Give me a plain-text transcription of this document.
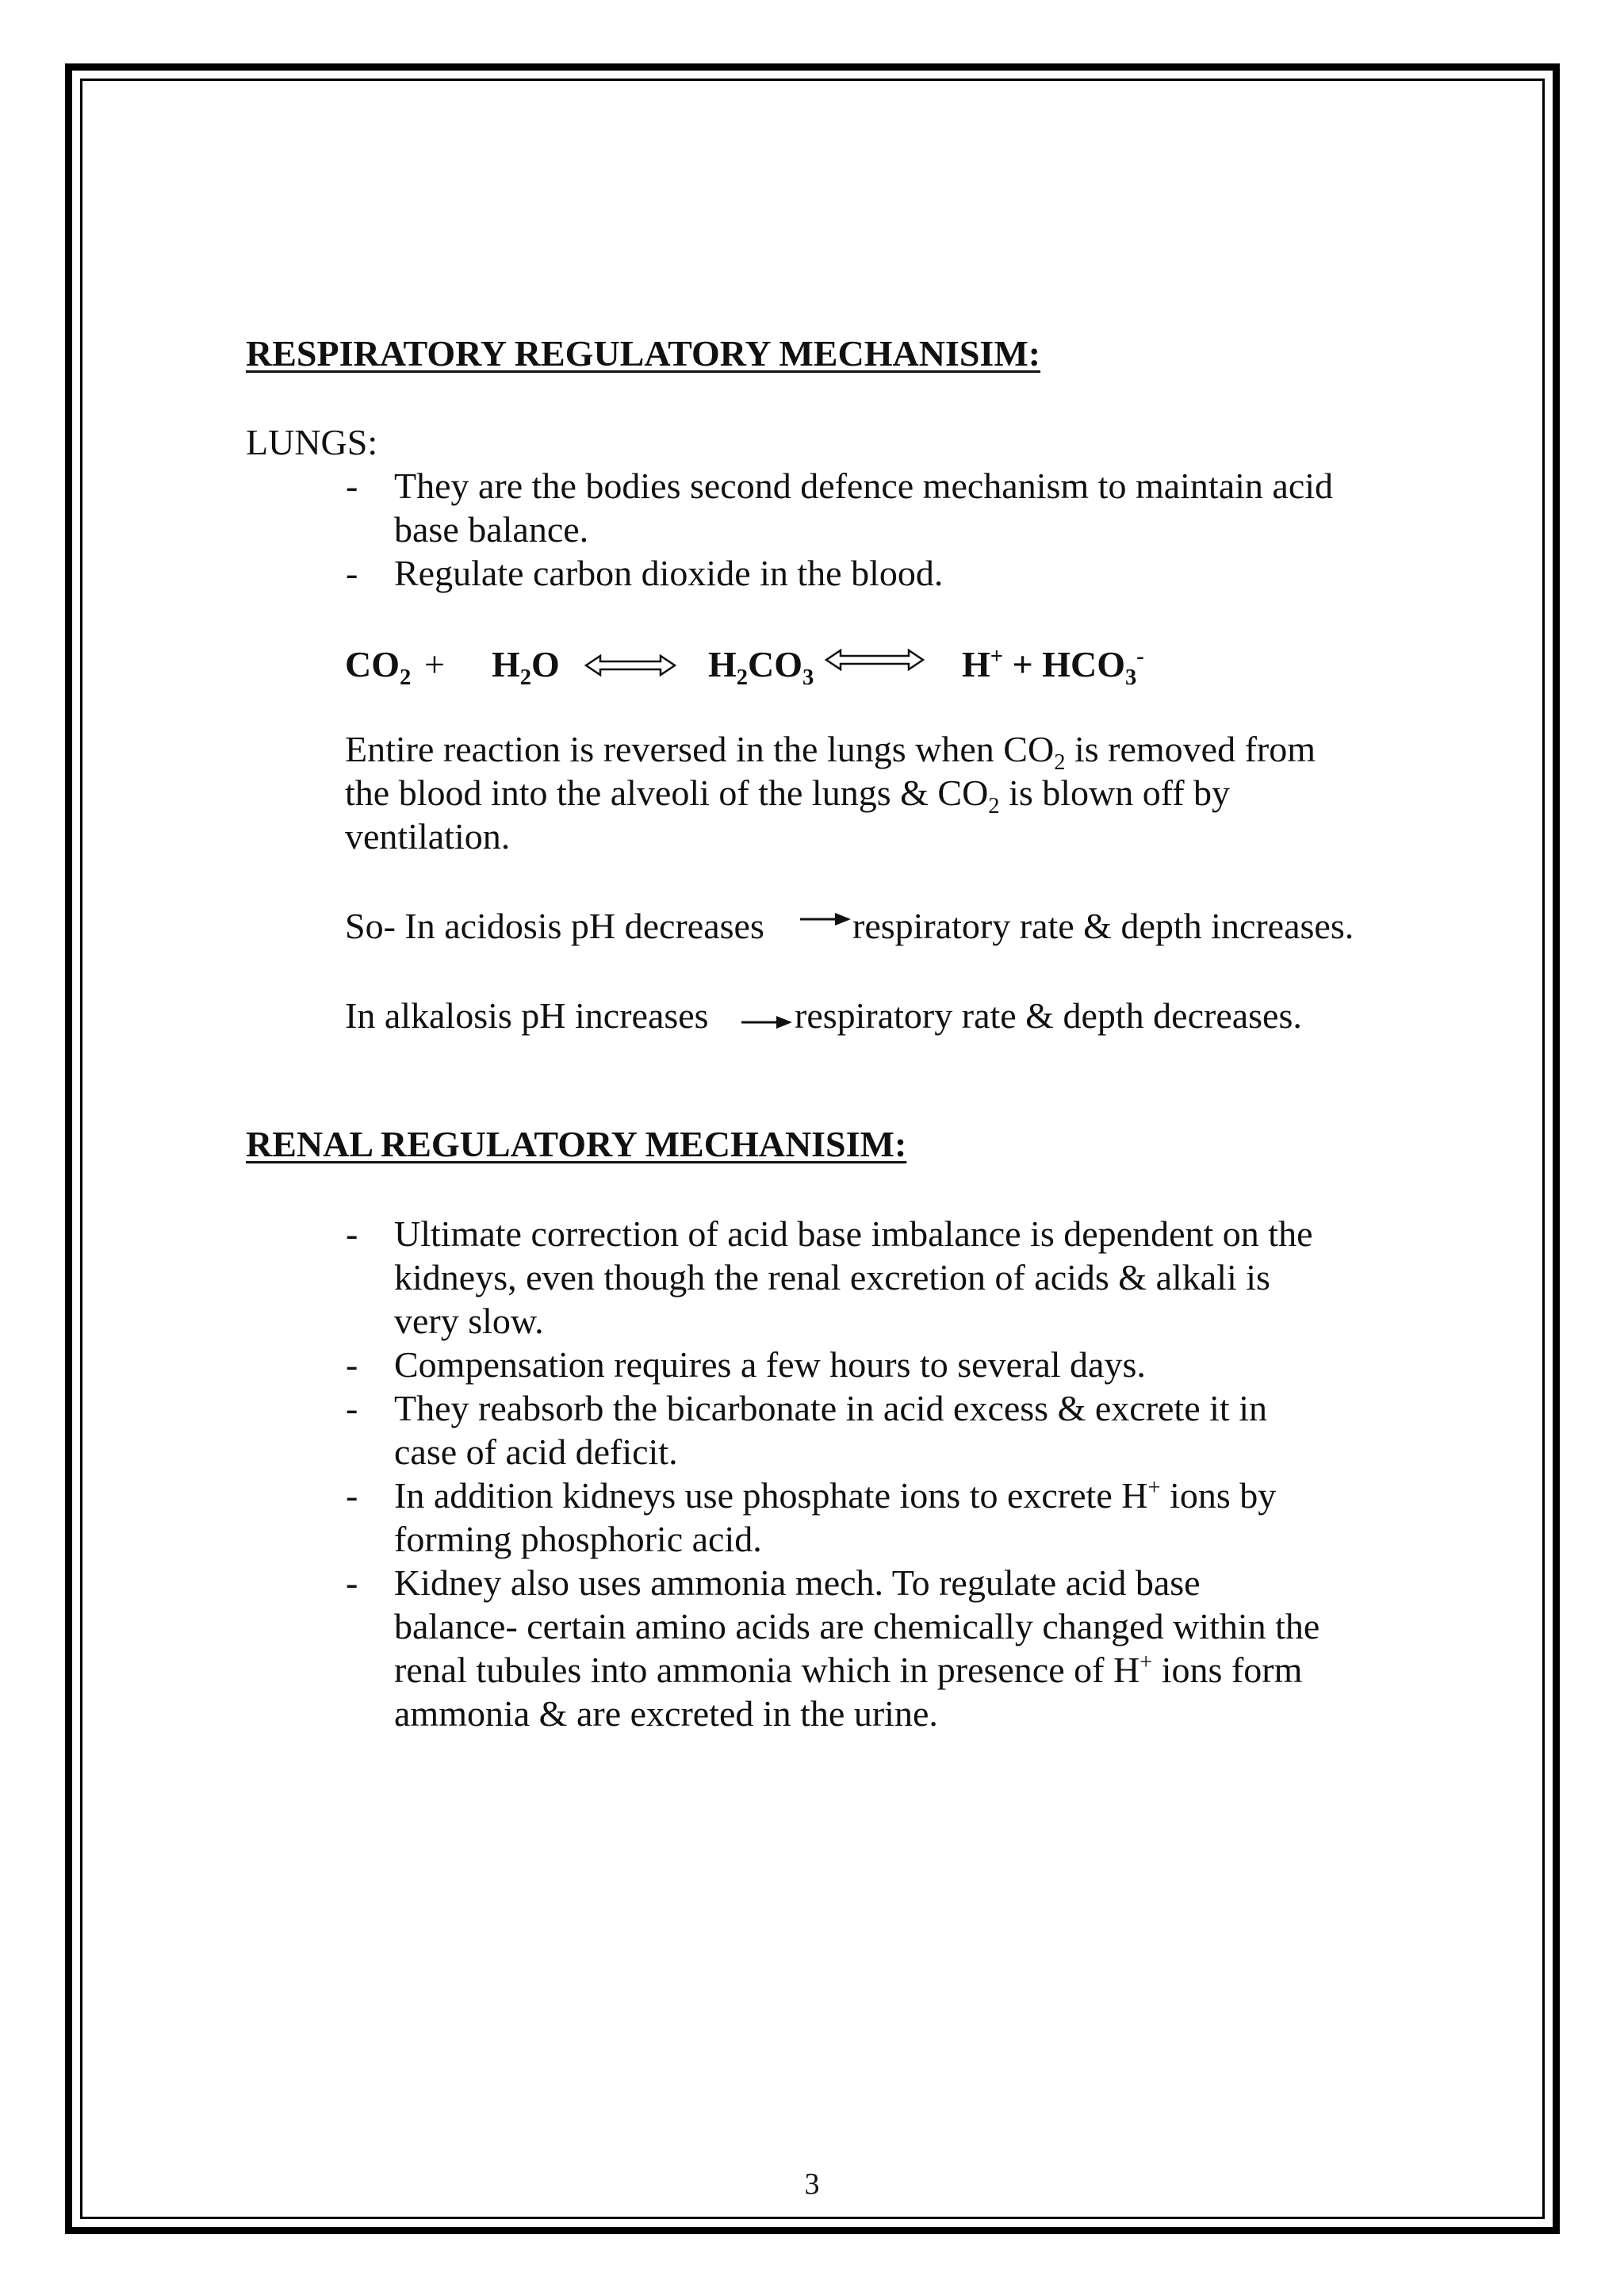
RESPIRATORY REGULATORY MECHANISIM:
LUNGS:
- They are the bodies second defence mechanism to maintain acid
base balance.
- Regulate carbon dioxide in the blood.
$CO_2 + H_2O$	$H_2CO_3$	$H^+ + HCO_3^-$
Entire reaction is reversed in the lungs when $CO_2$ is removed from
the blood into the alveoli of the lungs & $CO_2$ is blown off by
ventilation.
So- In acidosis pH decreases respiratory rate & depth increases.
In alkalosis pH increases respiratory rate & depth decreases.
RENAL REGULATORY MECHANISIM:
- Ultimate correction of acid base imbalance is dependent on the
kidneys, even though the renal excretion of acids & alkali is
very slow.
- Compensation requires a few hours to several days.
- They reabsorb the bicarbonate in acid excess & excrete it in
case of acid deficit.
- In addition kidneys use phosphate ions to excrete H+ ions by
forming phosphoric acid.
- Kidney also uses ammonia mech. To regulate acid base
balance- certain amino acids are chemically changed within the
renal tubules into ammonia which in presence of H+ ions form
ammonia & are excreted in the urine.
3
